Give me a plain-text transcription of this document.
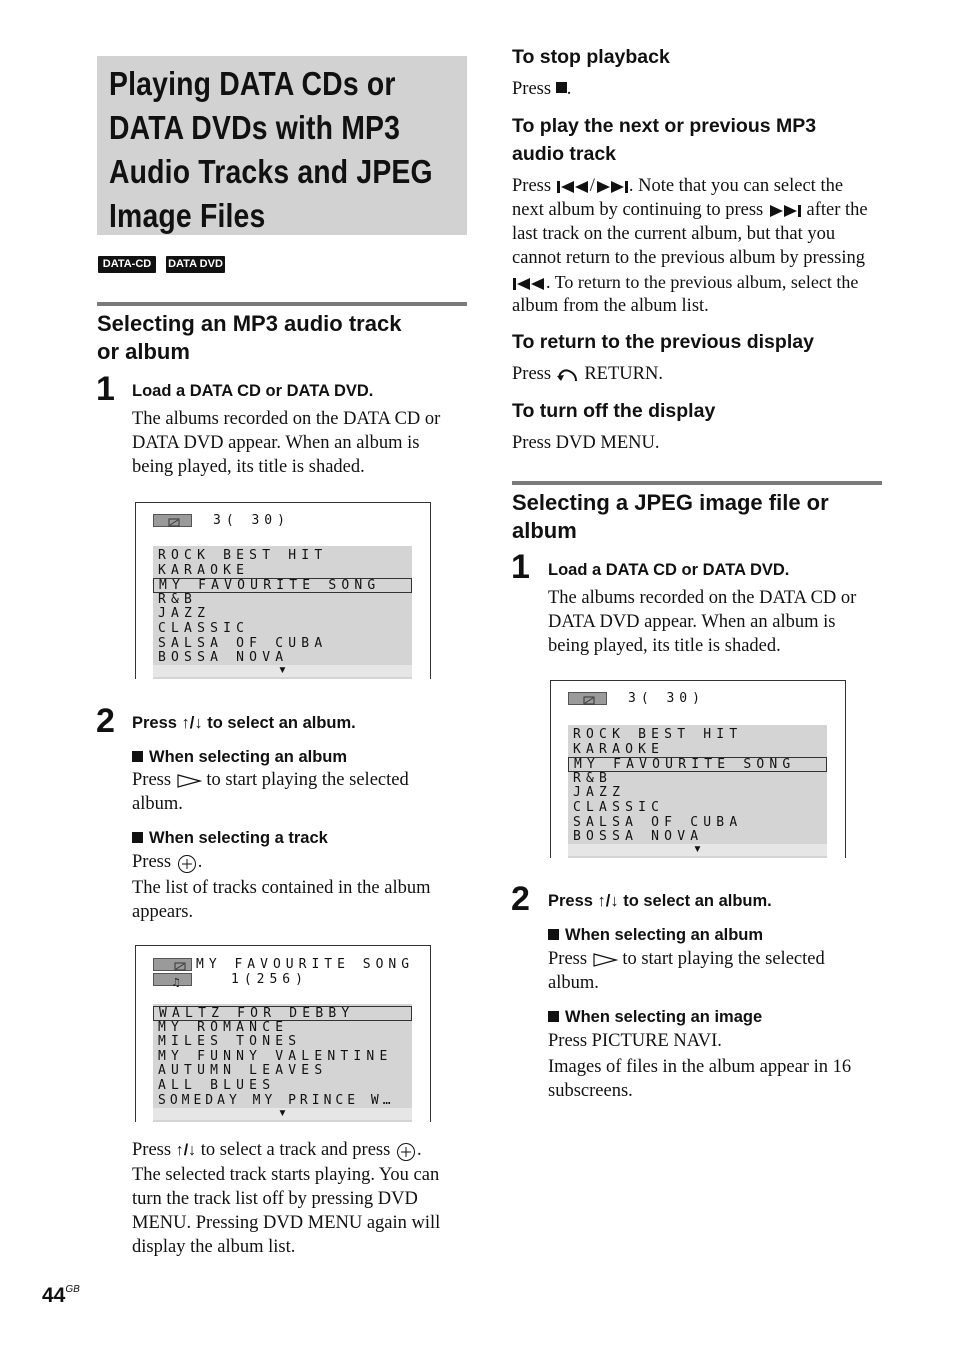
Playing DATA CDs or
DATA DVDs with MP3
Audio Tracks and JPEG
Image Files
DATA-CD	DATA DVD
Selecting an MP3 audio track
or album
1 Load a DATA CD or DATA DVD.
The albums recorded on the DATA CD or
DATA DVD appear. When an album is
being played, its title is shaded.
3( 30)
ROCK BEST HIT
KARAOKE
MY FAVOURITE SONG
R&B
JAZZ
CLASSIC
SALSA OF CUBA
BOSSA NOVA
▼
2 Press ↑/↓ to select an album.
When selecting an album
Press  to start playing the selected
album.
When selecting a track
Press .
The list of tracks contained in the album
appears.
♫
MY FAVOURITE SONG
1(256)
WALTZ FOR DEBBY
MY ROMANCE
MILES TONES
MY FUNNY VALENTINE
AUTUMN LEAVES
ALL BLUES
SOMEDAY MY PRINCE W…
▼
Press ↑/↓ to select a track and press .
The selected track starts playing. You can
turn the track list off by pressing DVD
MENU. Pressing DVD MENU again will
display the album list.
$44^{GB}$
To stop playback
Press .
To play the next or previous MP3
audio track
Press / . Note that you can select the
next album by continuing to press  after the
last track on the current album, but that you
cannot return to the previous album by pressing
. To return to the previous album, select the
album from the album list.
To return to the previous display
Press  RETURN.
To turn off the display
Press DVD MENU.
Selecting a JPEG image file or
album
1 Load a DATA CD or DATA DVD.
The albums recorded on the DATA CD or
DATA DVD appear. When an album is
being played, its title is shaded.
3( 30)
ROCK BEST HIT
KARAOKE
MY FAVOURITE SONG
R&B
JAZZ
CLASSIC
SALSA OF CUBA
BOSSA NOVA
▼
2 Press ↑/↓ to select an album.
When selecting an album
Press  to start playing the selected
album.
When selecting an image
Press PICTURE NAVI.
Images of files in the album appear in 16
subscreens.
